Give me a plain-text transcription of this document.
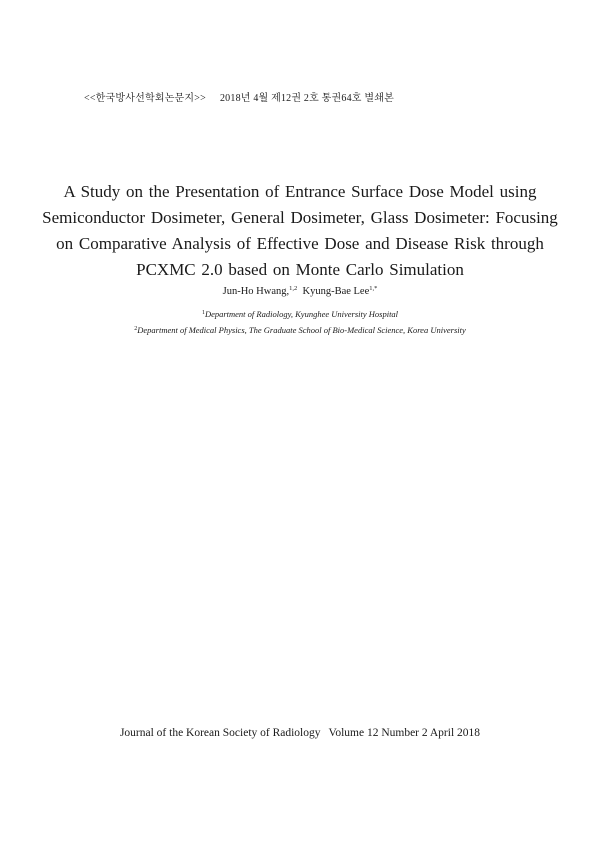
<<한국방사선학회논문지>> 2018년 4월 제12권 2호 통권64호 별쇄본
A Study on the Presentation of Entrance Surface Dose Model using
Semiconductor Dosimeter, General Dosimeter, Glass Dosimeter: Focusing
on Comparative Analysis of Effective Dose and Disease Risk through
PCXMC 2.0 based on Monte Carlo Simulation
Jun-Ho Hwang,$^{1,2}$ Kyung-Bae Lee$^{1,*}$
$^1$Department of Radiology, Kyunghee University Hospital
$^2$Department of Medical Physics, The Graduate School of Bio-Medical Science, Korea University
Journal of the Korean Society of Radiology Volume 12 Number 2 April 2018
